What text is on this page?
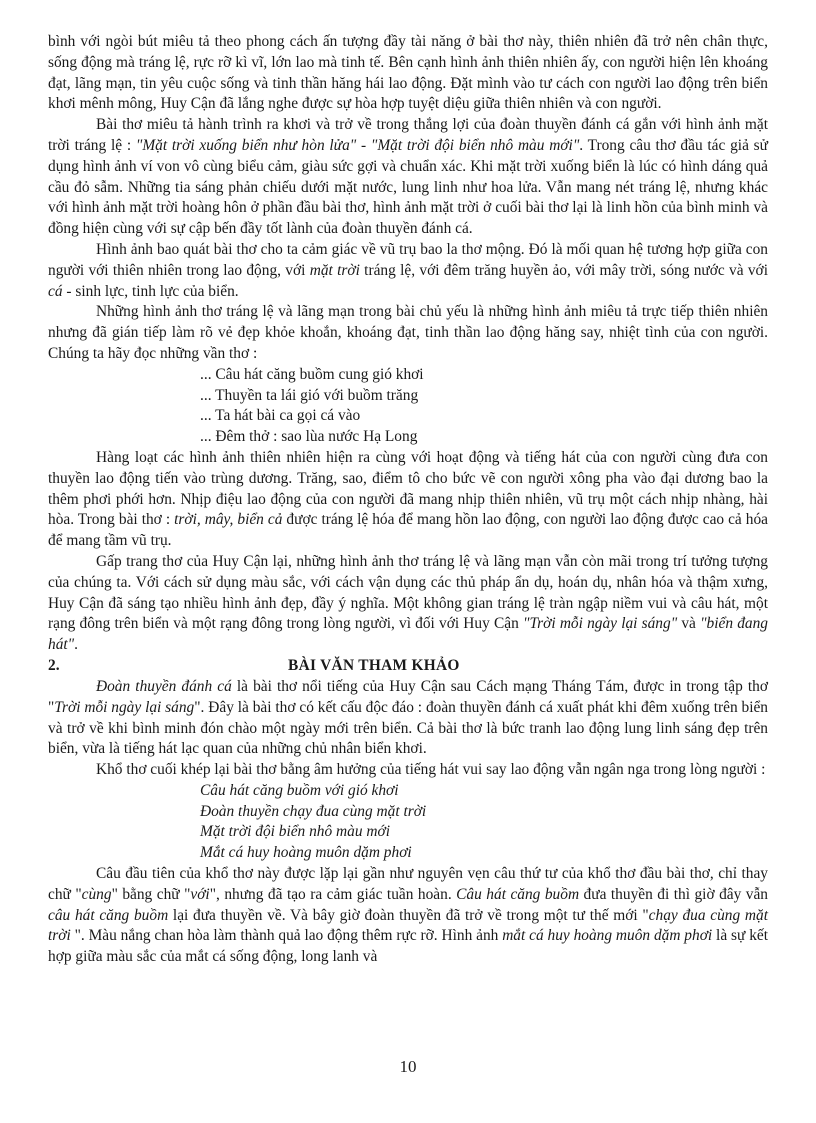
bình với ngòi bút miêu tả theo phong cách ấn tượng đầy tài năng ở bài thơ này, thiên nhiên đã trở nên chân thực, sống động mà tráng lệ, rực rỡ kì vĩ, lớn lao mà tinh tế. Bên cạnh hình ảnh thiên nhiên ấy, con người hiện lên khoáng đạt, lãng mạn, tin yêu cuộc sống và tinh thần hăng hái lao động. Đặt mình vào tư cách con người lao động trên biển khơi mênh mông, Huy Cận đã lắng nghe được sự hòa hợp tuyệt diệu giữa thiên nhiên và con người.

Bài thơ miêu tả hành trình ra khơi và trở về trong thắng lợi của đoàn thuyền đánh cá gắn với hình ảnh mặt trời tráng lệ : "Mặt trời xuống biển như hòn lửa" - "Mặt trời đội biển nhô màu mới". Trong câu thơ đầu tác giả sử dụng hình ảnh ví von vô cùng biểu cảm, giàu sức gợi và chuẩn xác. Khi mặt trời xuống biển là lúc có hình dáng quả cầu đỏ sẫm. Những tia sáng phản chiếu dưới mặt nước, lung linh như hoa lửa. Vẫn mang nét tráng lệ, nhưng khác với hình ảnh mặt trời hoàng hôn ở phần đầu bài thơ, hình ảnh mặt trời ở cuối bài thơ lại là linh hồn của bình minh và đồng hiện cùng với sự cập bến đầy tốt lành của đoàn thuyền đánh cá.

Hình ảnh bao quát bài thơ cho ta cảm giác về vũ trụ bao la thơ mộng. Đó là mối quan hệ tương hợp giữa con người với thiên nhiên trong lao động, với mặt trời tráng lệ, với đêm trăng huyền ảo, với mây trời, sóng nước và với cá - sinh lực, tinh lực của biển.

Những hình ảnh thơ tráng lệ và lãng mạn trong bài chủ yếu là những hình ảnh miêu tả trực tiếp thiên nhiên nhưng đã gián tiếp làm rõ vẻ đẹp khỏe khoắn, khoáng đạt, tinh thần lao động hăng say, nhiệt tình của con người. Chúng ta hãy đọc những vần thơ :

... Câu hát căng buồm cung gió khơi
... Thuyền ta lái gió với buồm trăng
... Ta hát bài ca gọi cá vào
... Đêm thở : sao lùa nước Hạ Long

Hàng loạt các hình ảnh thiên nhiên hiện ra cùng với hoạt động và tiếng hát của con người cùng đưa con thuyền lao động tiến vào trùng dương. Trăng, sao, điểm tô cho bức vẽ con người xông pha vào đại dương bao la thêm phơi phới hơn. Nhịp điệu lao động của con người đã mang nhịp thiên nhiên, vũ trụ một cách nhịp nhàng, hài hòa. Trong bài thơ : trời, mây, biển cả được tráng lệ hóa để mang hồn lao động, con người lao động được cao cả hóa để mang tầm vũ trụ.

Gấp trang thơ của Huy Cận lại, những hình ảnh thơ tráng lệ và lãng mạn vẫn còn mãi trong trí tưởng tượng của chúng ta. Với cách sử dụng màu sắc, với cách vận dụng các thủ pháp ẩn dụ, hoán dụ, nhân hóa và thậm xưng, Huy Cận đã sáng tạo nhiều hình ảnh đẹp, đầy ý nghĩa. Một không gian tráng lệ tràn ngập niềm vui và câu hát, một rạng đông trên biển và một rạng đông trong lòng người, vì đối với Huy Cận "Trời mỗi ngày lại sáng" và "biển đang hát".

2.	BÀI VĂN THAM KHẢO

Đoàn thuyền đánh cá là bài thơ nổi tiếng của Huy Cận sau Cách mạng Tháng Tám, được in trong tập thơ "Trời mỗi ngày lại sáng". Đây là bài thơ có kết cấu độc đáo : đoàn thuyền đánh cá xuất phát khi đêm xuống trên biển và trở về khi bình minh đón chào một ngày mới trên biển. Cả bài thơ là bức tranh lao động lung linh sáng đẹp trên biển, vừa là tiếng hát lạc quan của những chủ nhân biển khơi.

Khổ thơ cuối khép lại bài thơ bằng âm hưởng của tiếng hát vui say lao động vẫn ngân nga trong lòng người :

Câu hát căng buồm với gió khơi
Đoàn thuyền chạy đua cùng mặt trời
Mặt trời đội biển nhô màu mới
Mắt cá huy hoàng muôn dặm phơi

Câu đầu tiên của khổ thơ này được lặp lại gần như nguyên vẹn câu thứ tư của khổ thơ đầu bài thơ, chỉ thay chữ "cùng" bằng chữ "với", nhưng đã tạo ra cảm giác tuần hoàn. Câu hát căng buồm đưa thuyền đi thì giờ đây vẫn câu hát căng buồm lại đưa thuyền về. Và bây giờ đoàn thuyền đã trở về trong một tư thế mới "chạy đua cùng mặt trời ". Màu nắng chan hòa làm thành quả lao động thêm rực rỡ. Hình ảnh mắt cá huy hoàng muôn dặm phơi là sự kết hợp giữa màu sắc của mắt cá sống động, long lanh và

10
